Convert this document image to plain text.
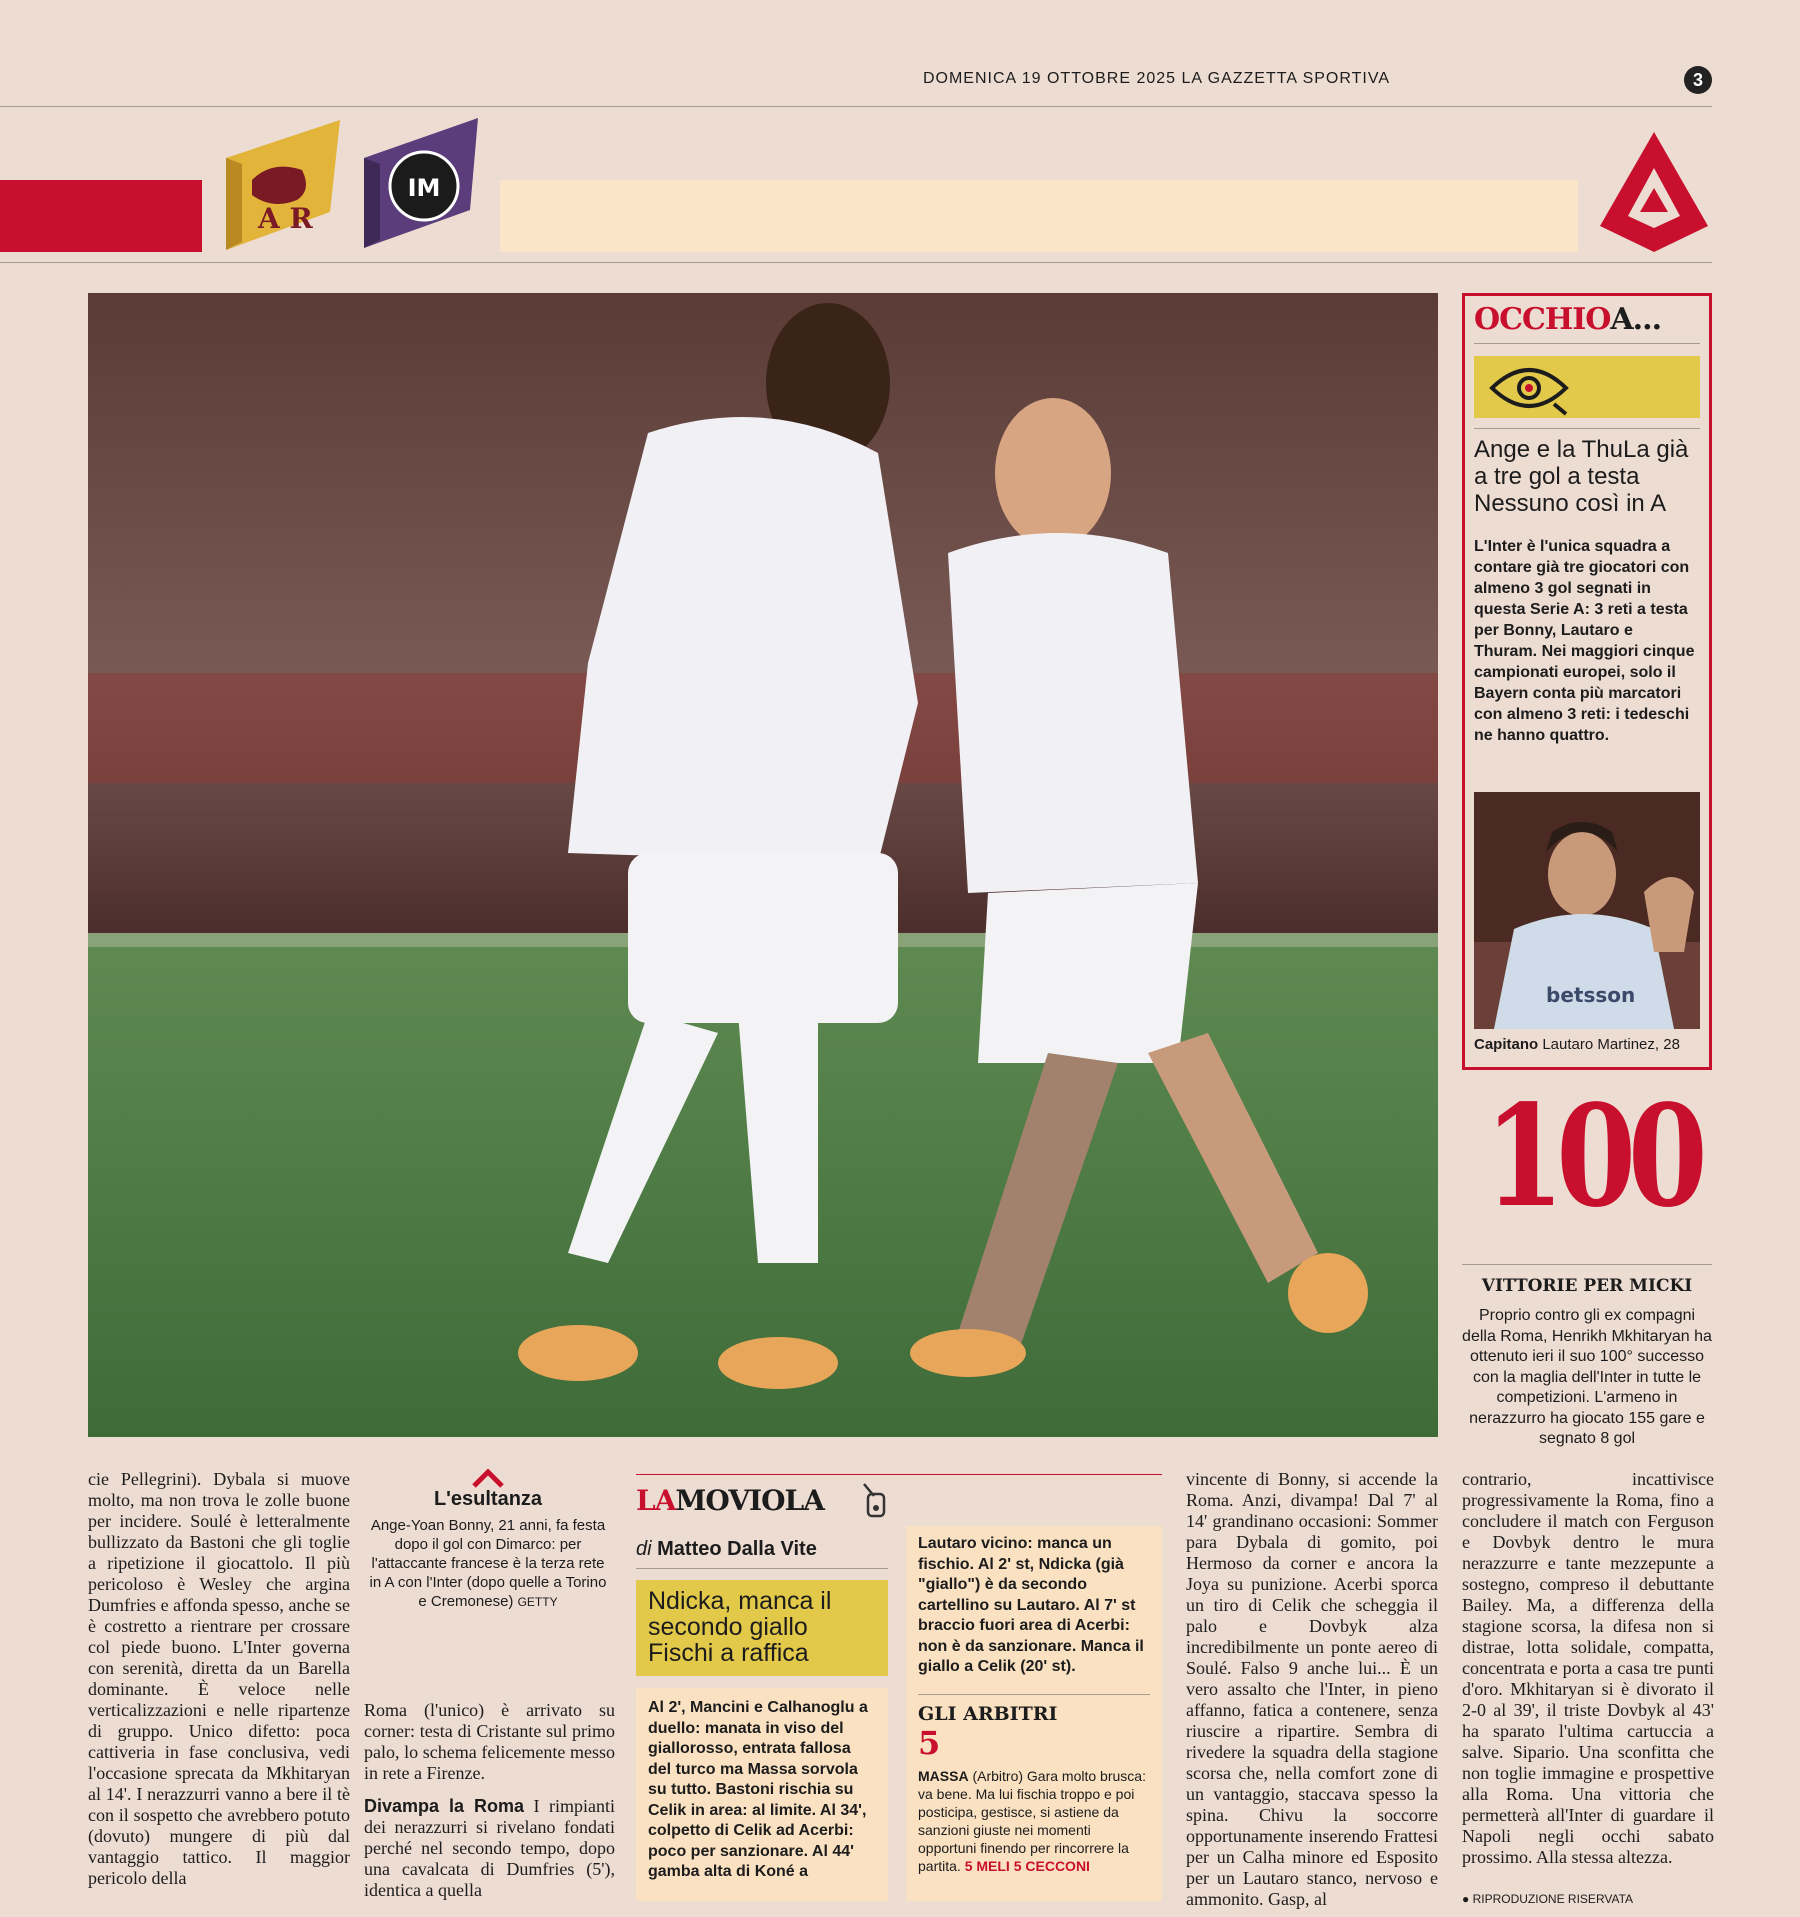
DOMENICA 19 OTTOBRE 2025 LA GAZZETTA SPORTIVA	3
A R
IM

cie Pellegrini). Dybala si muove molto, ma non trova le zolle buone per incidere. Soulé è letteralmente bullizzato da Bastoni che gli toglie a ripetizione il giocattolo. Il più pericoloso è Wesley che argina Dumfries e affonda spesso, anche se è costretto a rientrare per crossare col piede buono. L'Inter governa con serenità, diretta da un Barella dominante. È veloce nelle verticalizzazioni e nelle ripartenze di gruppo. Unico difetto: poca cattiveria in fase conclusiva, vedi l'occasione sprecata da Mkhitaryan al 14'. I nerazzurri vanno a bere il tè con il sospetto che avrebbero potuto (dovuto) mungere di più dal vantaggio tattico. Il maggior pericolo della

L'esultanza
Ange-Yoan Bonny, 21 anni, fa festa dopo il gol con Dimarco: per l'attaccante francese è la terza rete in A con l'Inter (dopo quelle a Torino e Cremonese) GETTY

Roma (l'unico) è arrivato su corner: testa di Cristante sul primo palo, lo schema felicemente messo in rete a Firenze.

Divampa la Roma I rimpianti dei nerazzurri si rivelano fondati perché nel secondo tempo, dopo una cavalcata di Dumfries (5'), identica a quella

LAMOVIOLA
di Matteo Dalla Vite
Ndicka, manca il secondo giallo Fischi a raffica
Al 2', Mancini e Calhanoglu a duello: manata in viso del giallorosso, entrata fallosa del turco ma Massa sorvola su tutto. Bastoni rischia su Celik in area: al limite. Al 34', colpetto di Celik ad Acerbi: poco per sanzionare. Al 44' gamba alta di Koné a
Lautaro vicino: manca un fischio. Al 2' st, Ndicka (già "giallo") è da secondo cartellino su Lautaro. Al 7' st braccio fuori area di Acerbi: non è da sanzionare. Manca il giallo a Celik (20' st).
GLI ARBITRI
5
MASSA (Arbitro) Gara molto brusca: va bene. Ma lui fischia troppo e poi posticipa, gestisce, si astiene da sanzioni giuste nei momenti opportuni finendo per rincorrere la partita. 5 MELI 5 CECCONI

vincente di Bonny, si accende la Roma. Anzi, divampa! Dal 7' al 14' grandinano occasioni: Sommer para Dybala di gomito, poi Hermoso da corner e ancora la Joya su punizione. Acerbi sporca un tiro di Celik che scheggia il palo e Dovbyk alza incredibilmente un ponte aereo di Soulé. Falso 9 anche lui... È un vero assalto che l'Inter, in pieno affanno, fatica a contenere, senza riuscire a ripartire. Sembra di rivedere la squadra della stagione scorsa che, nella comfort zone di un vantaggio, staccava spesso la spina. Chivu la soccorre opportunamente inserendo Frattesi per un Calha minore ed Esposito per un Lautaro stanco, nervoso e ammonito. Gasp, al

contrario, incattivisce progressivamente la Roma, fino a concludere il match con Ferguson e Dovbyk dentro le mura nerazzurre e tante mezzepunte a sostegno, compreso il debuttante Bailey. Ma, a differenza della stagione scorsa, la difesa non si distrae, lotta solidale, compatta, concentrata e porta a casa tre punti d'oro. Mkhitaryan si è divorato il 2-0 al 39', il triste Dovbyk al 43' ha sparato l'ultima cartuccia a salve. Sipario. Una sconfitta che non toglie immagine e prospettive alla Roma. Una vittoria che permetterà all'Inter di guardare il Napoli negli occhi sabato prossimo. Alla stessa altezza.

● RIPRODUZIONE RISERVATA
OCCHIOA...
Ange e la ThuLa già a tre gol a testa Nessuno così in A
L'Inter è l'unica squadra a contare già tre giocatori con almeno 3 gol segnati in questa Serie A: 3 reti a testa per Bonny, Lautaro e Thuram. Nei maggiori cinque campionati europei, solo il Bayern conta più marcatori con almeno 3 reti: i tedeschi ne hanno quattro.
betsson
Capitano Lautaro Martinez, 28
100
VITTORIE PER MICKI
Proprio contro gli ex compagni della Roma, Henrikh Mkhitaryan ha ottenuto ieri il suo 100° successo con la maglia dell'Inter in tutte le competizioni. L'armeno in nerazzurro ha giocato 155 gare e segnato 8 gol
